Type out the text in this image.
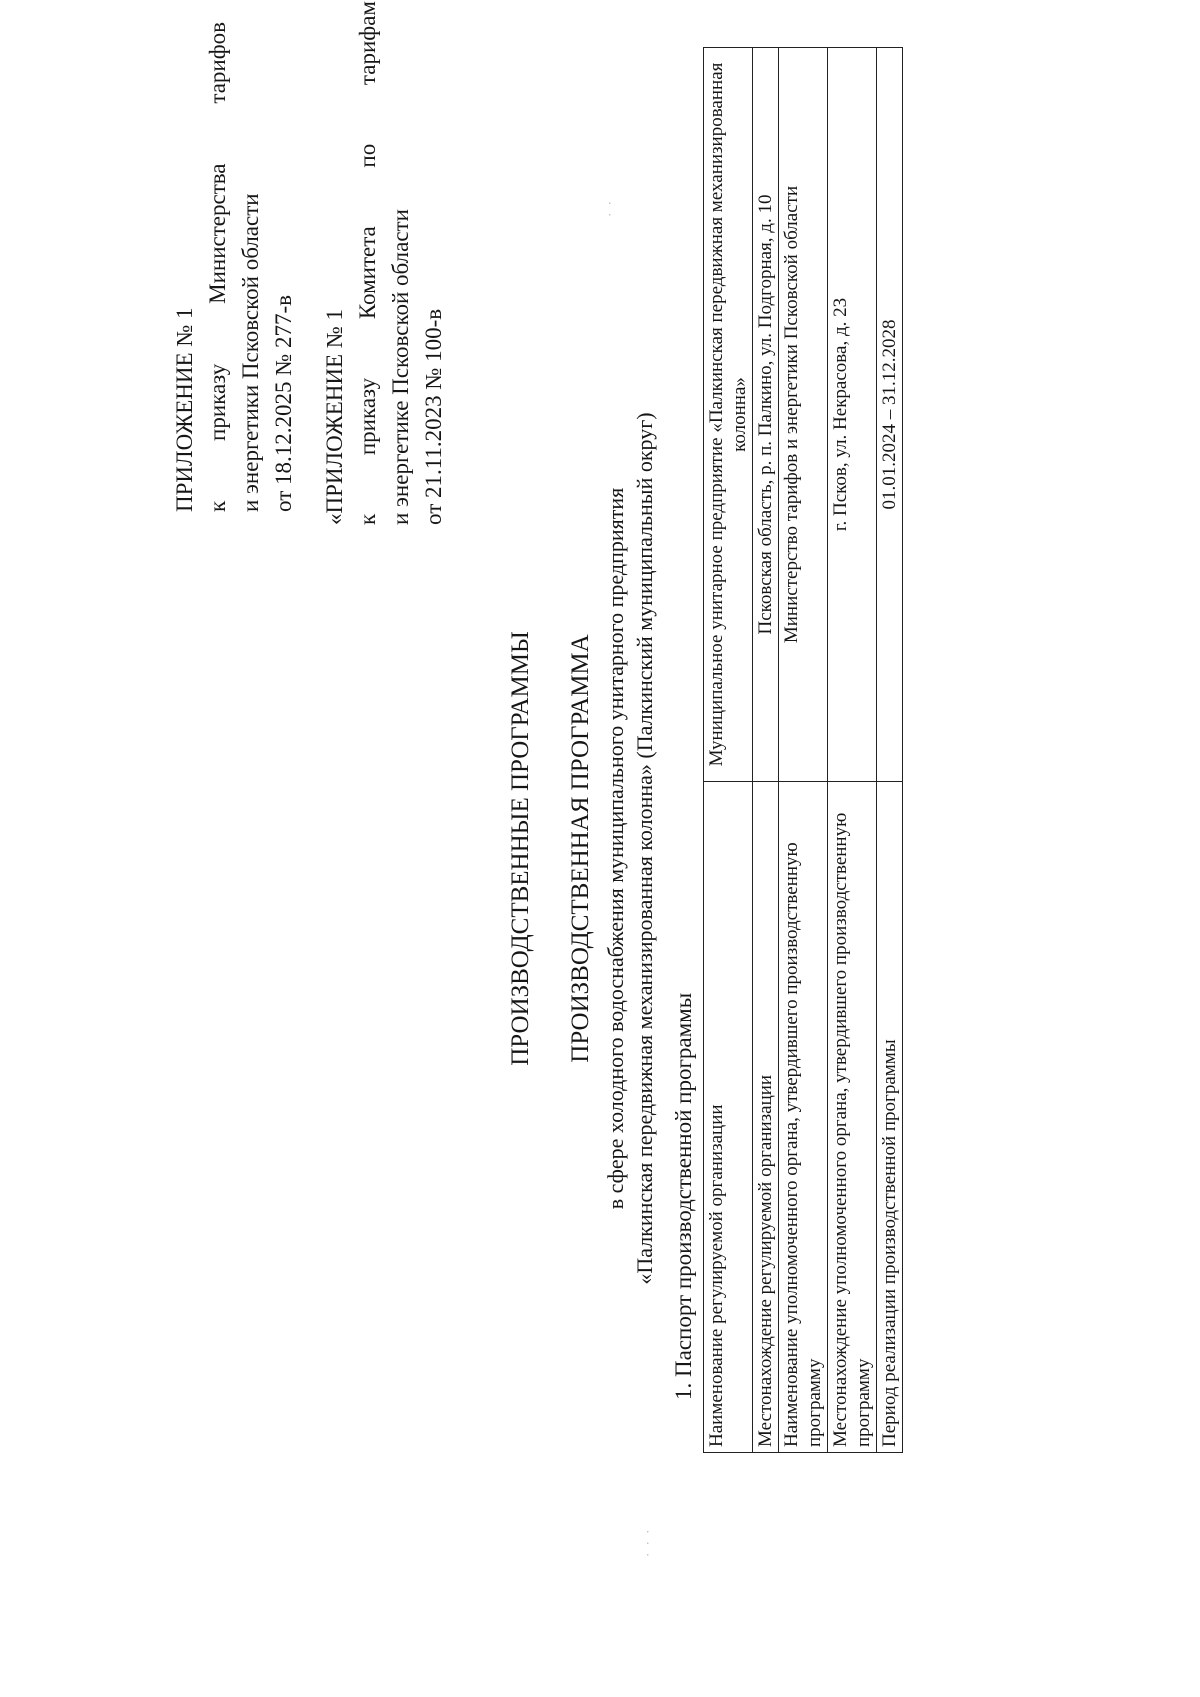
ПРИЛОЖЕНИЕ № 1 к
приказу
Министерства
тарифов
и энергетики Псковской области от 18.12.2025 № 277-в «ПРИЛОЖЕНИЕ № 1 к
приказу
Комитета
по
тарифам
и энергетике Псковской области от 21.11.2023 № 100-в
ПРОИЗВОДСТВЕННЫЕ ПРОГРАММЫ ПРОИЗВОДСТВЕННАЯ ПРОГРАММА в сфере холодного водоснабжения муниципального унитарного предприятия «Палкинская передвижная механизированная колонна» (Палкинский муниципальный округ) 1. Паспорт производственной программы Наименование регулируемой организации	Муниципальное унитарное предприятие «Палкинская передвижная механизированная колонна»
Местонахождение регулируемой организации	Псковская область, р. п. Палкино, ул. Подгорная, д. 10
Наименование уполномоченного органа, утвердившего производственную программу	Министерство тарифов и энергетики Псковской области
Местонахождение уполномоченного органа, утвердившего производственную программу	г. Псков, ул. Некрасова, д. 23
Период реализации производственной программы	01.01.2024 – 31.12.2028
· · ·
· ·
